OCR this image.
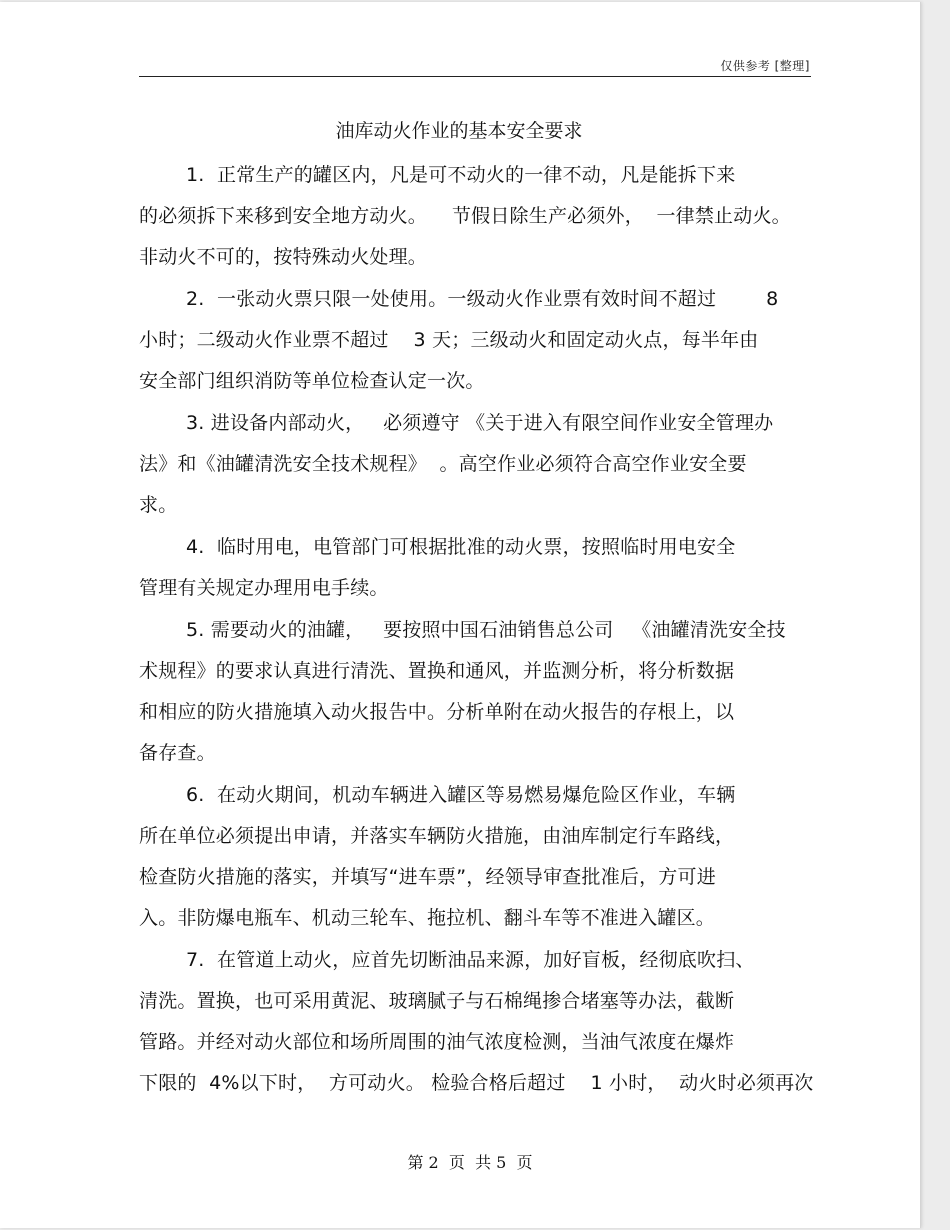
仅供参考 [整理]
油库动火作业的基本安全要求
1.  正常生产的罐区内，凡是可不动火的一律不动，凡是能拆下来
的必须拆下来移到安全地方动火。    节假日除生产必须外，  一律禁止动火。
非动火不可的，按特殊动火处理。
2.  一张动火票只限一处使用。一级动火作业票有效时间不超过        8
小时；二级动火作业票不超过    3 天；三级动火和固定动火点，每半年由
安全部门组织消防等单位检查认定一次。
3. 进设备内部动火，   必须遵守 《关于进入有限空间作业安全管理办
法》和《油罐清洗安全技术规程》  。高空作业必须符合高空作业安全要
求。
4.  临时用电，电管部门可根据批准的动火票，按照临时用电安全
管理有关规定办理用电手续。
5. 需要动火的油罐，   要按照中国石油销售总公司   《油罐清洗安全技
术规程》的要求认真进行清洗、置换和通风，并监测分析，将分析数据
和相应的防火措施填入动火报告中。分析单附在动火报告的存根上，以
备存查。
6.  在动火期间，机动车辆进入罐区等易燃易爆危险区作业，车辆
所在单位必须提出申请，并落实车辆防火措施，由油库制定行车路线，
检查防火措施的落实，并填写“进车票”，经领导审查批准后，方可进
入。非防爆电瓶车、机动三轮车、拖拉机、翻斗车等不准进入罐区。
7.  在管道上动火，应首先切断油品来源，加好盲板，经彻底吹扫、
清洗。置换，也可采用黄泥、玻璃腻子与石棉绳掺合堵塞等办法，截断
管路。并经对动火部位和场所周围的油气浓度检测，当油气浓度在爆炸
下限的  4%以下时，  方可动火。 检验合格后超过    1 小时，  动火时必须再次
第 2  页  共 5  页
